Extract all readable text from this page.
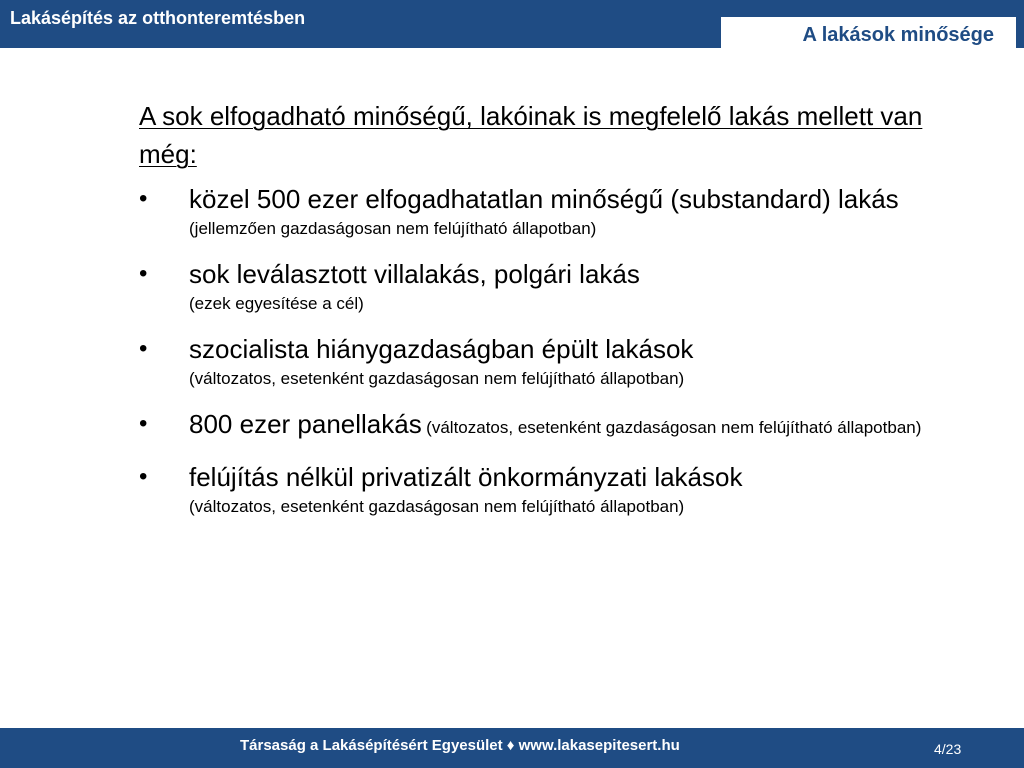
Lakásépítés az otthonteremtésben
A lakások minősége
A sok elfogadható minőségű, lakóinak is megfelelő lakás mellett van még:
•	közel 500 ezer elfogadhatatlan minőségű (substandard) lakás (jellemzően gazdaságosan nem felújítható állapotban)
•	sok leválasztott villalakás, polgári lakás
(ezek egyesítése a cél)
•	szocialista hiánygazdaságban épült lakások
(változatos, esetenként gazdaságosan nem felújítható állapotban)
•	800 ezer panellakás (változatos, esetenként gazdaságosan nem felújítható állapotban)
•	felújítás nélkül privatizált önkormányzati lakások
(változatos, esetenként gazdaságosan nem felújítható állapotban)
Társaság a Lakásépítésért Egyesület ♦ www.lakasepitesert.hu	4/23
